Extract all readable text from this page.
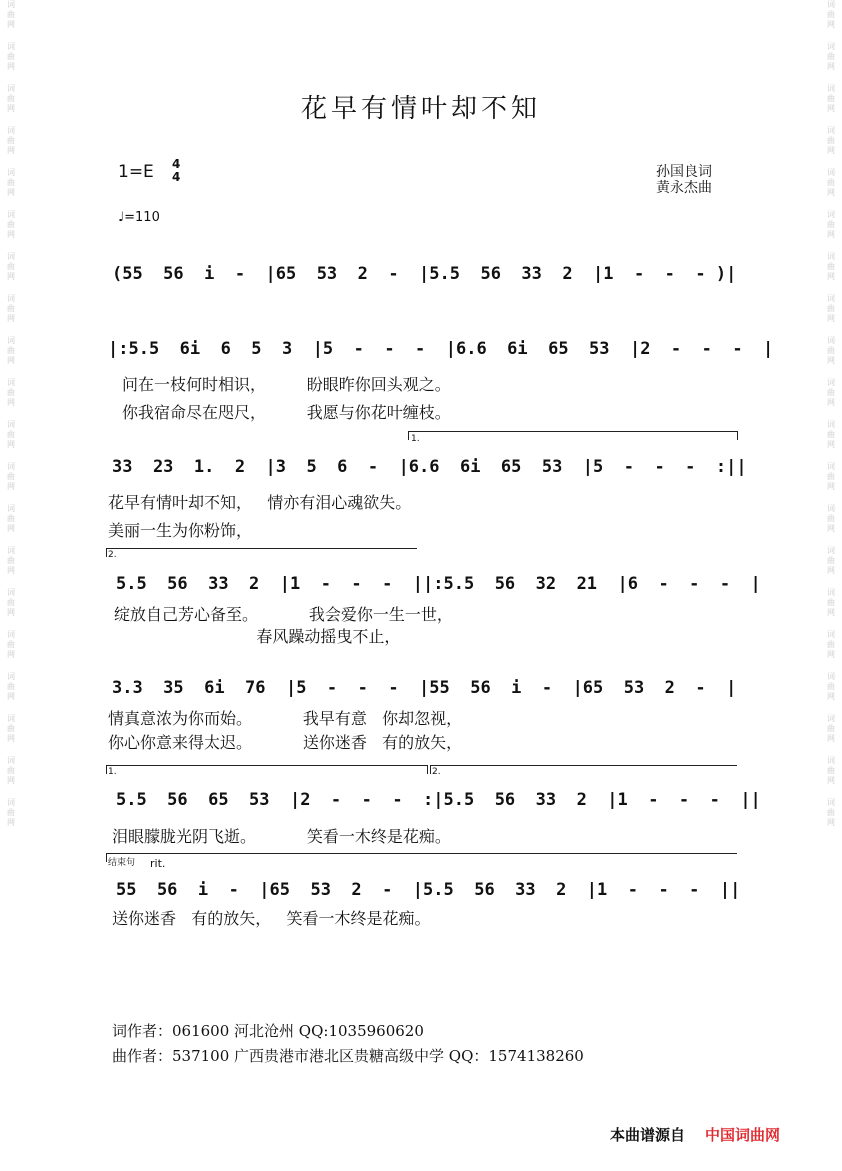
词曲网
词曲网
词曲网
词曲网
词曲网
词曲网
词曲网
词曲网
词曲网
词曲网
词曲网
词曲网
词曲网
词曲网
词曲网
词曲网
词曲网
词曲网
词曲网
词曲网
词曲网
词曲网
词曲网
词曲网
词曲网
词曲网
词曲网
词曲网
词曲网
词曲网
词曲网
词曲网
词曲网
词曲网
词曲网
词曲网
词曲网
词曲网
词曲网
词曲网
花早有情叶却不知
1=E 4
4
♩=110
孙国良词
黄永杰曲
(55  56  i  -  |65  53  2  -  |5.5  56  33  2  |1  -  -  - )|
|:5.5  6i  6  5  3  |5  -  -  -  |6.6  6i  65  53  |2  -  -  -  |
问在一枝何时相识，        盼眼昨你回头观之。
你我宿命尽在咫尺，        我愿与你花叶缠枝。
1.
33  23  1.  2  |3  5  6  -  |6.6  6i  65  53  |5  -  -  -  :||
花早有情叶却不知，   情亦有泪心魂欲失。
美丽一生为你粉饰，
2.
5.5  56  33  2  |1  -  -  -  ||:5.5  56  32  21  |6  -  -  -  |
绽放自己芳心备至。          我会爱你一生一世，
春风躁动摇曳不止，
3.3  35  6i  76  |5  -  -  -  |55  56  i  -  |65  53  2  -  |
情真意浓为你而始。          我早有意   你却忽视，
你心你意来得太迟。          送你迷香   有的放矢，
1.	2.
5.5  56  65  53  |2  -  -  -  :|5.5  56  33  2  |1  -  -  -  ||
泪眼朦胧光阴飞逝。          笑看一木终是花痴。
结束句 rit.
55  56  i  -  |65  53  2  -  |5.5  56  33  2  |1  -  -  -  ||
送你迷香   有的放矢，   笑看一木终是花痴。
词作者：061600 河北沧州 QQ:1035960620
曲作者：537100 广西贵港市港北区贵糖高级中学 QQ：1574138260
本曲谱源自 中国词曲网
